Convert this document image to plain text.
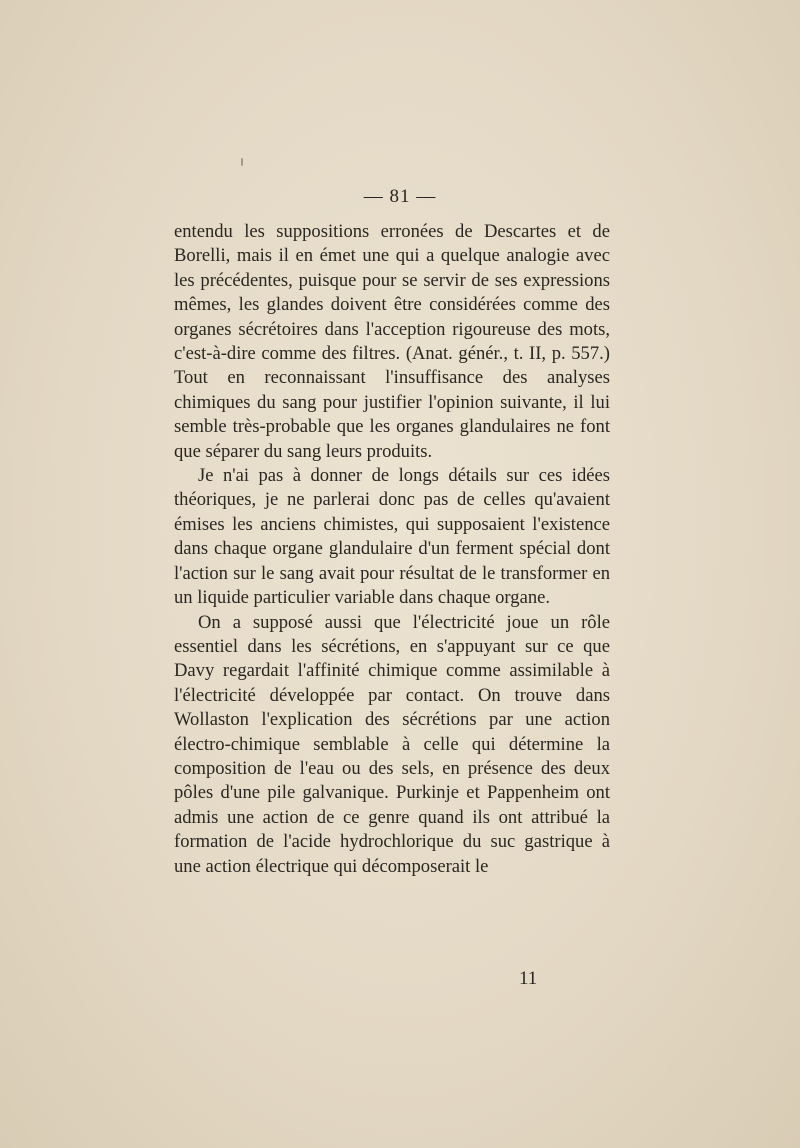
— 81 —

entendu les suppositions erronées de Descartes et de Borelli, mais il en émet une qui a quelque analogie avec les précédentes, puisque pour se servir de ses expressions mêmes, les glandes doivent être considérées comme des organes sécrétoires dans l'acception rigoureuse des mots, c'est-à-dire comme des filtres. (Anat. génér., t. II, p. 557.) Tout en reconnaissant l'insuffisance des analyses chimiques du sang pour justifier l'opinion suivante, il lui semble très-probable que les organes glandulaires ne font que séparer du sang leurs produits.

Je n'ai pas à donner de longs détails sur ces idées théoriques, je ne parlerai donc pas de celles qu'avaient émises les anciens chimistes, qui supposaient l'existence dans chaque organe glandulaire d'un ferment spécial dont l'action sur le sang avait pour résultat de le transformer en un liquide particulier variable dans chaque organe.

On a supposé aussi que l'électricité joue un rôle essentiel dans les sécrétions, en s'appuyant sur ce que Davy regardait l'affinité chimique comme assimilable à l'électricité développée par contact. On trouve dans Wollaston l'explication des sécrétions par une action électro-chimique semblable à celle qui détermine la composition de l'eau ou des sels, en présence des deux pôles d'une pile galvanique. Purkinje et Pappenheim ont admis une action de ce genre quand ils ont attribué la formation de l'acide hydrochlorique du suc gastrique à une action électrique qui décomposerait le

11
